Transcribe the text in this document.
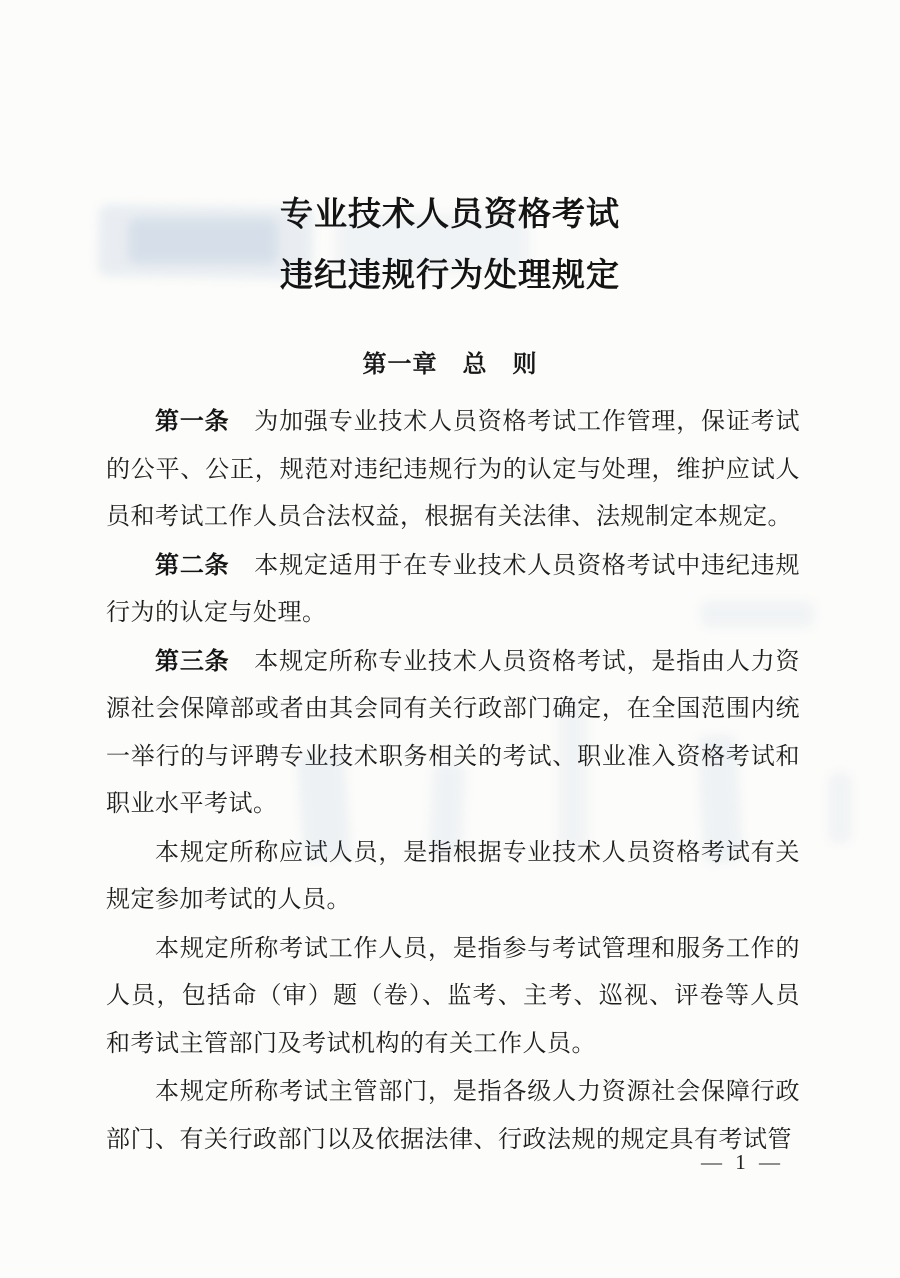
专业技术人员资格考试
违纪违规行为处理规定
第一章　总　则

第一条　为加强专业技术人员资格考试工作管理，保证考试的公平、公正，规范对违纪违规行为的认定与处理，维护应试人员和考试工作人员合法权益，根据有关法律、法规制定本规定。

第二条　本规定适用于在专业技术人员资格考试中违纪违规行为的认定与处理。

第三条　本规定所称专业技术人员资格考试，是指由人力资源社会保障部或者由其会同有关行政部门确定，在全国范围内统一举行的与评聘专业技术职务相关的考试、职业准入资格考试和职业水平考试。

本规定所称应试人员，是指根据专业技术人员资格考试有关规定参加考试的人员。

本规定所称考试工作人员，是指参与考试管理和服务工作的人员，包括命（审）题（卷）、监考、主考、巡视、评卷等人员和考试主管部门及考试机构的有关工作人员。

本规定所称考试主管部门，是指各级人力资源社会保障行政部门、有关行政部门以及依据法律、行政法规的规定具有考试管

— 1 —
